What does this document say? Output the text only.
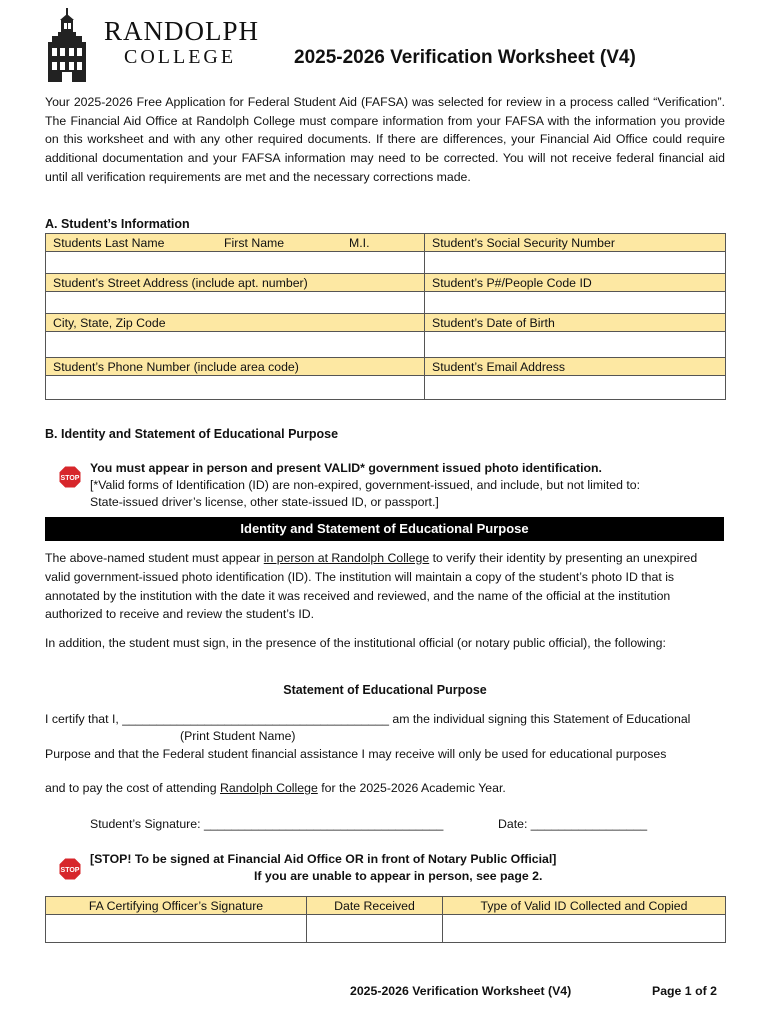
RANDOLPH
COLLEGE	2025-2026 Verification Worksheet (V4)
Your 2025-2026 Free Application for Federal Student Aid (FAFSA) was selected for review in a process called “Verification”. The Financial Aid Office at Randolph College must compare information from your FAFSA with the information you provide on this worksheet and with any other required documents. If there are differences, your Financial Aid Office could require additional documentation and your FAFSA information may need to be corrected. You will not receive federal financial aid until all verification requirements are met and the necessary corrections made.
A. Student’s Information
Students Last Name First Name M.I.	Student’s Social Security Number

Student’s Street Address (include apt. number)	Student’s P#/People Code ID

City, State, Zip Code	Student’s Date of Birth

Student’s Phone Number (include area code)	Student’s Email Address

B. Identity and Statement of Educational Purpose
STOP
You must appear in person and present VALID* government issued photo identification.
[*Valid forms of Identification (ID) are non-expired, government-issued, and include, but not limited to:
State-issued driver’s license, other state-issued ID, or passport.]
Identity and Statement of Educational Purpose
The above-named student must appear in person at Randolph College to verify their identity by presenting an unexpired valid government-issued photo identification (ID). The institution will maintain a copy of the student’s photo ID that is annotated by the institution with the date it was received and reviewed, and the name of the official at the institution authorized to receive and review the student’s ID.
In addition, the student must sign, in the presence of the institutional official (or notary public official), the following:
Statement of Educational Purpose
I certify that I, _______________________________________ am the individual signing this Statement of Educational
(Print Student Name)
Purpose and that the Federal student financial assistance I may receive will only be used for educational purposes
and to pay the cost of attending Randolph College for the 2025-2026 Academic Year.
Student’s Signature: ___________________________________	Date: _________________
STOP
[STOP! To be signed at Financial Aid Office OR in front of Notary Public Official]
If you are unable to appear in person, see page 2.
FA Certifying Officer’s Signature	Date Received	Type of Valid ID Collected and Copied

2025-2026 Verification Worksheet (V4)	Page 1 of 2
